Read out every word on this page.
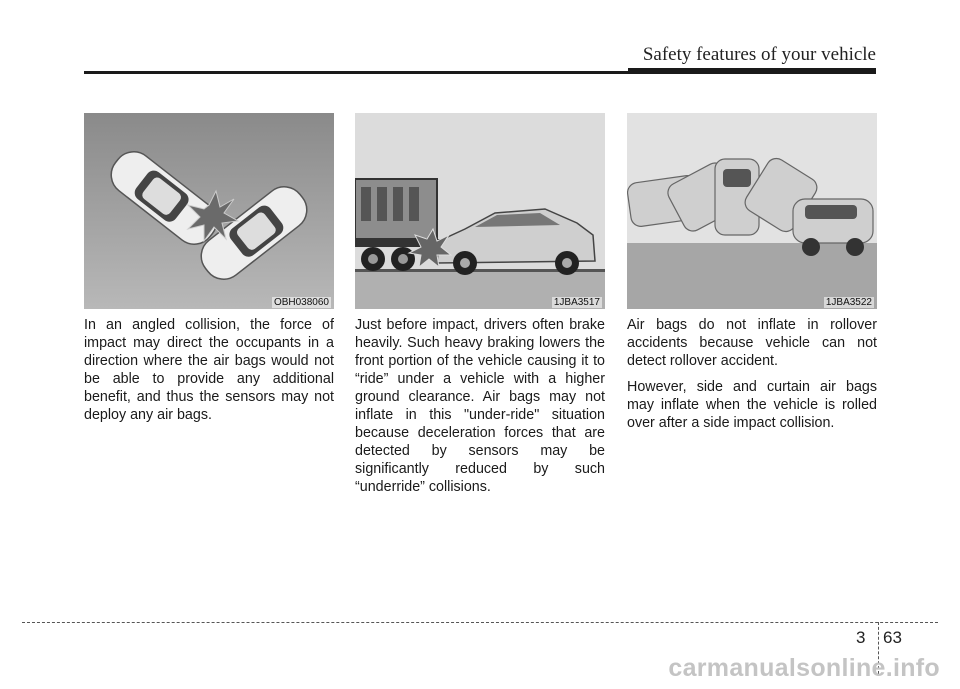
Safety features of your vehicle
OBH038060

In an angled collision, the force of impact may direct the occupants in a direction where the air bags would not be able to provide any additional benefit, and thus the sensors may not deploy any air bags.

1JBA3517

Just before impact, drivers often brake heavily. Such heavy braking lowers the front portion of the vehicle causing it to “ride” under a vehicle with a higher ground clearance. Air bags may not inflate in this "under-ride" situation because deceleration forces that are detected by sensors may be significantly reduced by such “underride” collisions.

1JBA3522

Air bags do not inflate in rollover accidents because vehicle can not detect rollover accident.

However, side and curtain air bags may inflate when the vehicle is rolled over after a side impact collision.

3 63
carmanualsonline.info
